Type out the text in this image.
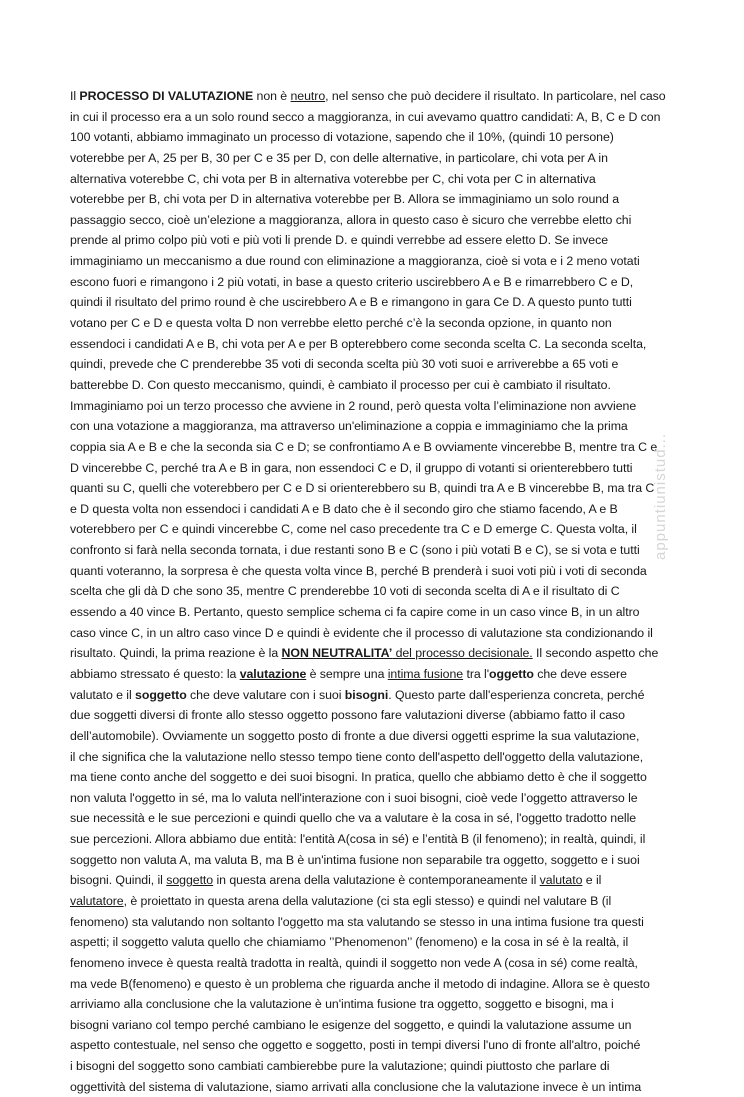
Il PROCESSO DI VALUTAZIONE non è neutro, nel senso che può decidere il risultato. In particolare, nel caso
in cui il processo era a un solo round secco a maggioranza, in cui avevamo quattro candidati: A, B, C e D con
100 votanti, abbiamo immaginato un processo di votazione, sapendo che il 10%, (quindi 10 persone)
voterebbe per A, 25 per B, 30 per C e 35 per D, con delle alternative, in particolare, chi vota per A in
alternativa voterebbe C, chi vota per B in alternativa voterebbe per C, chi vota per C in alternativa
voterebbe per B, chi vota per D in alternativa voterebbe per B. Allora se immaginiamo un solo round a
passaggio secco, cioè un’elezione a maggioranza, allora in questo caso è sicuro che verrebbe eletto chi
prende al primo colpo più voti e più voti li prende D. e quindi verrebbe ad essere eletto D. Se invece
immaginiamo un meccanismo a due round con eliminazione a maggioranza, cioè si vota e i 2 meno votati
escono fuori e rimangono i 2 più votati, in base a questo criterio uscirebbero A e B e rimarrebbero C e D,
quindi il risultato del primo round è che uscirebbero A e B e rimangono in gara Ce D. A questo punto tutti
votano per C e D e questa volta D non verrebbe eletto perché c’è la seconda opzione, in quanto non
essendoci i candidati A e B, chi vota per A e per B opterebbero come seconda scelta C. La seconda scelta,
quindi, prevede che C prenderebbe 35 voti di seconda scelta più 30 voti suoi e arriverebbe a 65 voti e
batterebbe D. Con questo meccanismo, quindi, è cambiato il processo per cui è cambiato il risultato.
Immaginiamo poi un terzo processo che avviene in 2 round, però questa volta l’eliminazione non avviene
con una votazione a maggioranza, ma attraverso un'eliminazione a coppia e immaginiamo che la prima
coppia sia A e B e che la seconda sia C e D; se confrontiamo A e B ovviamente vincerebbe B, mentre tra C e
D vincerebbe C, perché tra A e B in gara, non essendoci C e D, il gruppo di votanti si orienterebbero tutti
quanti su C, quelli che voterebbero per C e D si orienterebbero su B, quindi tra A e B vincerebbe B, ma tra C
e D questa volta non essendoci i candidati A e B dato che è il secondo giro che stiamo facendo, A e B
voterebbero per C e quindi vincerebbe C, come nel caso precedente tra C e D emerge C. Questa volta, il
confronto si farà nella seconda tornata, i due restanti sono B e C (sono i più votati B e C), se si vota e tutti
quanti voteranno, la sorpresa è che questa volta vince B, perché B prenderà i suoi voti più i voti di seconda
scelta che gli dà D che sono 35, mentre C prenderebbe 10 voti di seconda scelta di A e il risultato di C
essendo a 40 vince B. Pertanto, questo semplice schema ci fa capire come in un caso vince B, in un altro
caso vince C, in un altro caso vince D e quindi è evidente che il processo di valutazione sta condizionando il
risultato. Quindi, la prima reazione è la NON NEUTRALITA’ del processo decisionale. Il secondo aspetto che
abbiamo stressato é questo: la valutazione è sempre una intima fusione tra l'oggetto che deve essere
valutato e il soggetto che deve valutare con i suoi bisogni. Questo parte dall'esperienza concreta, perché
due soggetti diversi di fronte allo stesso oggetto possono fare valutazioni diverse (abbiamo fatto il caso
dell’automobile). Ovviamente un soggetto posto di fronte a due diversi oggetti esprime la sua valutazione,
il che significa che la valutazione nello stesso tempo tiene conto dell'aspetto dell'oggetto della valutazione,
ma tiene conto anche del soggetto e dei suoi bisogni. In pratica, quello che abbiamo detto è che il soggetto
non valuta l'oggetto in sé, ma lo valuta nell'interazione con i suoi bisogni, cioè vede l’oggetto attraverso le
sue necessità e le sue percezioni e quindi quello che va a valutare è la cosa in sé, l'oggetto tradotto nelle
sue percezioni. Allora abbiamo due entità: l'entità A(cosa in sé) e l’entità B (il fenomeno); in realtà, quindi, il
soggetto non valuta A, ma valuta B, ma B è un'intima fusione non separabile tra oggetto, soggetto e i suoi
bisogni. Quindi, il soggetto in questa arena della valutazione è contemporaneamente il valutato e il
valutatore, è proiettato in questa arena della valutazione (ci sta egli stesso) e quindi nel valutare B (il
fenomeno) sta valutando non soltanto l'oggetto ma sta valutando se stesso in una intima fusione tra questi
aspetti; il soggetto valuta quello che chiamiamo ’’Phenomenon’’ (fenomeno) e la cosa in sé è la realtà, il
fenomeno invece è questa realtà tradotta in realtà, quindi il soggetto non vede A (cosa in sé) come realtà,
ma vede B(fenomeno) e questo è un problema che riguarda anche il metodo di indagine. Allora se è questo
arriviamo alla conclusione che la valutazione è un'intima fusione tra oggetto, soggetto e bisogni, ma i
bisogni variano col tempo perché cambiano le esigenze del soggetto, e quindi la valutazione assume un
aspetto contestuale, nel senso che oggetto e soggetto, posti in tempi diversi l'uno di fronte all'altro, poiché
i bisogni del soggetto sono cambiati cambierebbe pure la valutazione; quindi piuttosto che parlare di
oggettività del sistema di valutazione, siamo arrivati alla conclusione che la valutazione invece è un intima
appuntiunistud...
